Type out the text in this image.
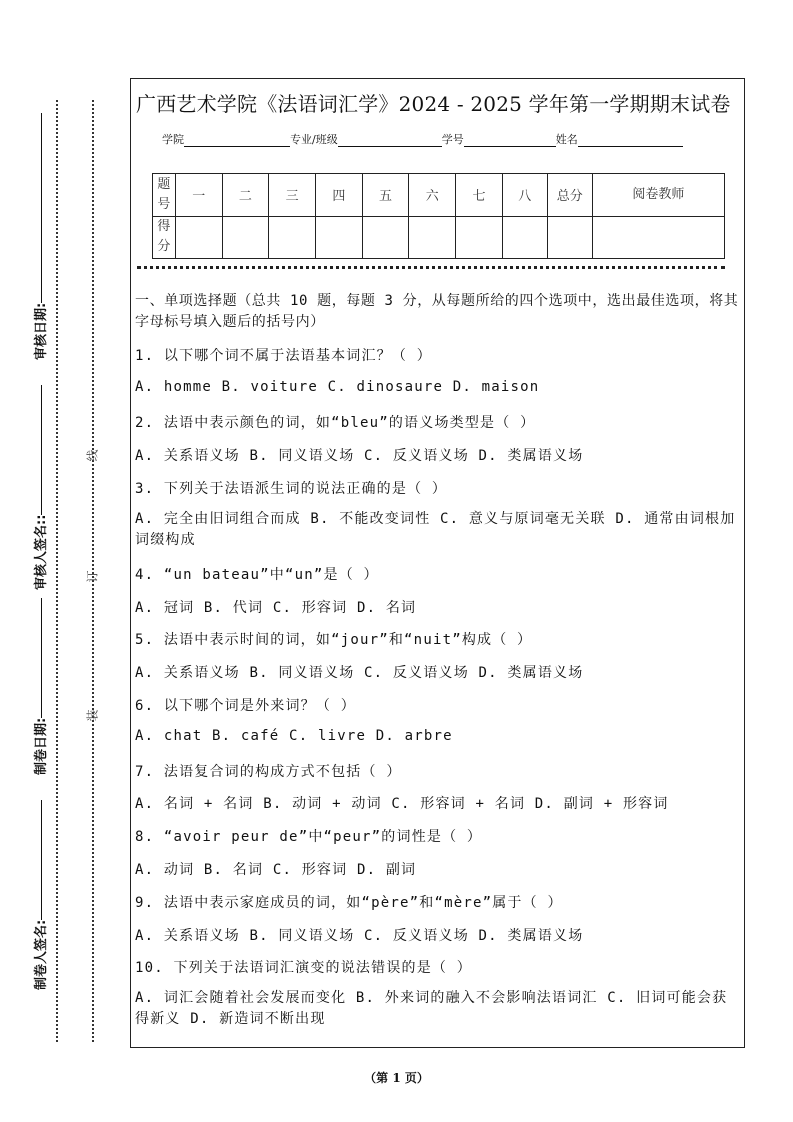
审核日期:
审核人签名::
制卷日期:
制卷人签名:
线
订
装
广西艺术学院《法语词汇学》2024 - 2025 学年第一学期期末试卷
学院	专业/班级	学号	姓名
题号	一	二	三	四	五	六	七	八	总分	阅卷教师
得分										
一、单项选择题（总共 10 题，每题 3 分，从每题所给的四个选项中，选出最佳选项，将其字母标号填入题后的括号内）
1. 以下哪个词不属于法语基本词汇？（ ）
A. homme B. voiture C. dinosaure D. maison
2. 法语中表示颜色的词，如“bleu”的语义场类型是（ ）
A. 关系语义场 B. 同义语义场 C. 反义语义场 D. 类属语义场
3. 下列关于法语派生词的说法正确的是（ ）
A. 完全由旧词组合而成 B. 不能改变词性 C. 意义与原词毫无关联 D. 通常由词根加词缀构成
4. “un bateau”中“un”是（ ）
A. 冠词 B. 代词 C. 形容词 D. 名词
5. 法语中表示时间的词，如“jour”和“nuit”构成（ ）
A. 关系语义场 B. 同义语义场 C. 反义语义场 D. 类属语义场
6. 以下哪个词是外来词？（ ）
A. chat B. café C. livre D. arbre
7. 法语复合词的构成方式不包括（ ）
A. 名词 + 名词 B. 动词 + 动词 C. 形容词 + 名词 D. 副词 + 形容词
8. “avoir peur de”中“peur”的词性是（ ）
A. 动词 B. 名词 C. 形容词 D. 副词
9. 法语中表示家庭成员的词，如“père”和“mère”属于（ ）
A. 关系语义场 B. 同义语义场 C. 反义语义场 D. 类属语义场
10. 下列关于法语词汇演变的说法错误的是（ ）
A. 词汇会随着社会发展而变化 B. 外来词的融入不会影响法语词汇 C. 旧词可能会获得新义 D. 新造词不断出现
（第 1 页）
